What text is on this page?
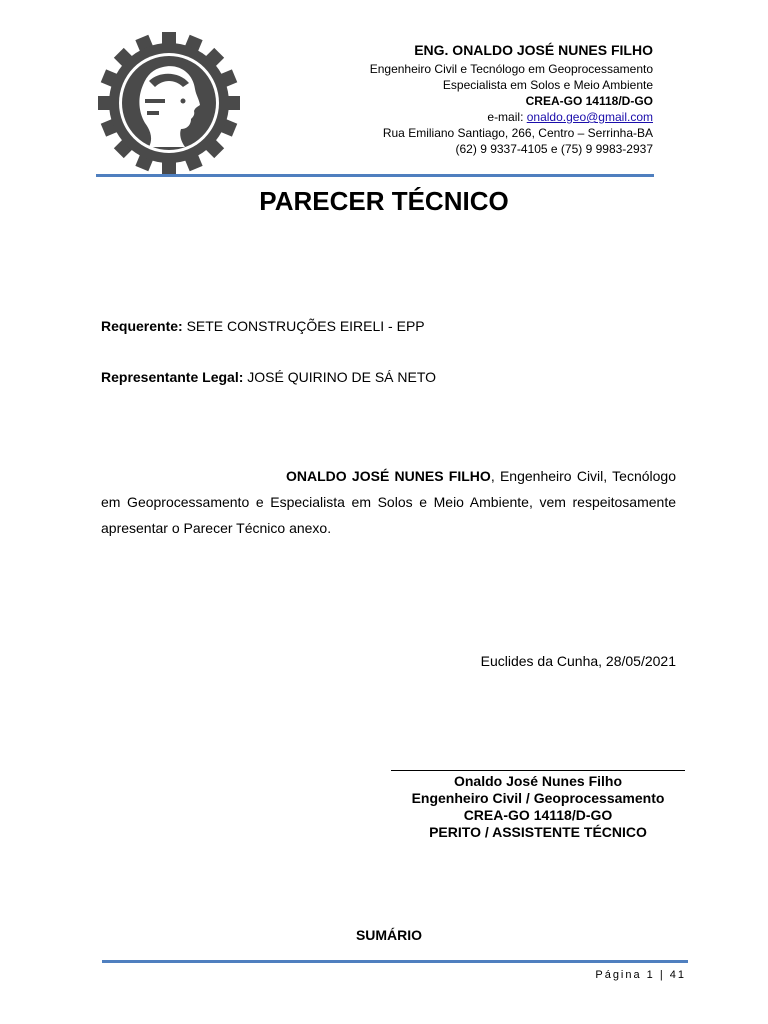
ENG. ONALDO JOSÉ NUNES FILHO
Engenheiro Civil e Tecnólogo em Geoprocessamento
Especialista em Solos e Meio Ambiente
CREA-GO 14118/D-GO
e-mail: onaldo.geo@gmail.com
Rua Emiliano Santiago, 266, Centro – Serrinha-BA
(62) 9 9337-4105 e (75) 9 9983-2937
PARECER TÉCNICO
Requerente: SETE CONSTRUÇÕES EIRELI - EPP
Representante Legal: JOSÉ QUIRINO DE SÁ NETO
ONALDO JOSÉ NUNES FILHO, Engenheiro Civil, Tecnólogo em Geoprocessamento e Especialista em Solos e Meio Ambiente, vem respeitosamente apresentar o Parecer Técnico anexo.
Euclides da Cunha, 28/05/2021
Onaldo José Nunes Filho
Engenheiro Civil / Geoprocessamento
CREA-GO 14118/D-GO
PERITO / ASSISTENTE TÉCNICO
SUMÁRIO
Página 1 | 41
